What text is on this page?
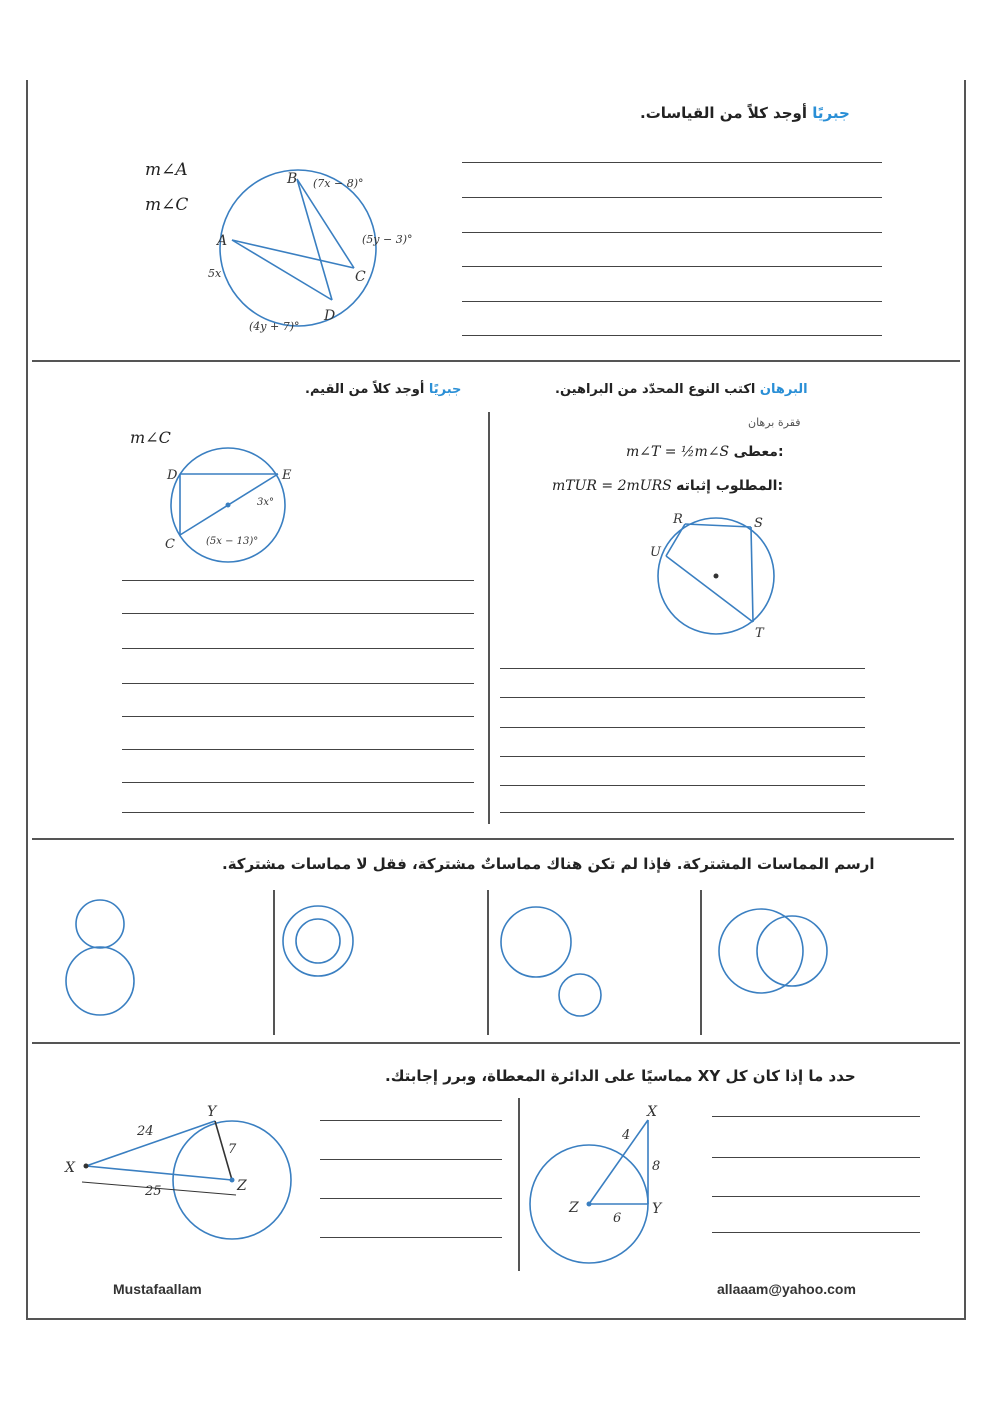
جبريًا أوجد كلاً من القياسات.
m∠A
m∠C
B
A
C
D
(7x − 8)°
(5y − 3)°
5x
(4y + 7)°
جبريًا أوجد كلاً من القيم.
m∠C
D	E
C
3x°
(5x − 13)°
البرهان اكتب النوع المحدّد من البراهين.
فقرة برهان
m∠T = ½m∠S معطى:
mTUR = 2mURS المطلوب إثباته:
R	S
U
T
ارسم المماسات المشتركة. فإذا لم تكن هناك مماساتٌ مشتركة، فقل لا مماسات مشتركة.
حدد ما إذا كان كل XY مماسيًا على الدائرة المعطاة، وبرر إجابتك.
X
Y
Z
24
7
25
X
Y
Z
4
8
6
Mustafaallam	allaaam@yahoo.com
